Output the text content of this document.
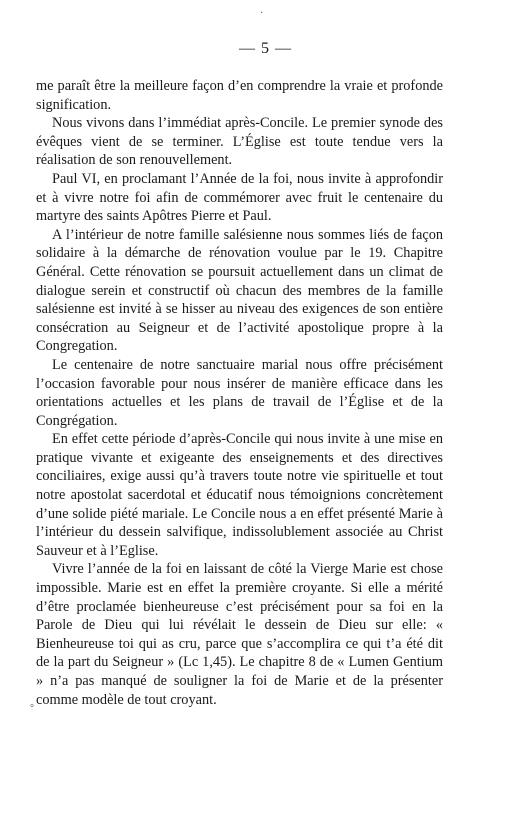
·
— 5 —

me paraît être la meilleure façon d’en comprendre la vraie et profonde signification.

Nous vivons dans l’immédiat après-Concile. Le premier synode des évêques vient de se terminer. L’Église est toute tendue vers la réalisation de son renouvellement.

Paul VI, en proclamant l’Année de la foi, nous invite à approfondir et à vivre notre foi afin de commémorer avec fruit le centenaire du martyre des saints Apôtres Pierre et Paul.

A l’intérieur de notre famille salésienne nous sommes liés de façon solidaire à la démarche de rénovation voulue par le 19. Chapitre Général. Cette rénovation se poursuit actuellement dans un climat de dialogue serein et constructif où chacun des membres de la famille salésienne est invité à se hisser au niveau des exigences de son entière consécration au Seigneur et de l’activité apostolique propre à la Congregation.

Le centenaire de notre sanctuaire marial nous offre précisément l’occasion favorable pour nous insérer de manière efficace dans les orientations actuelles et les plans de travail de l’Église et de la Congrégation.

En effet cette période d’après-Concile qui nous invite à une mise en pratique vivante et exigeante des enseignements et des directives conciliaires, exige aussi qu’à travers toute notre vie spirituelle et tout notre apostolat sacerdotal et éducatif nous témoignions concrètement d’une solide piété mariale. Le Concile nous a en effet présenté Marie à l’intérieur du dessein salvifique, indissolublement associée au Christ Sauveur et à l’Eglise.

Vivre l’année de la foi en laissant de côté la Vierge Marie est chose impossible. Marie est en effet la première croyante. Si elle a mérité d’être proclamée bienheureuse c’est précisément pour sa foi en la Parole de Dieu qui lui révélait le dessein de Dieu sur elle: « Bienheureuse toi qui as cru, parce que s’accomplira ce qui t’a été dit de la part du Seigneur » (Lc 1,45). Le chapitre 8 de « Lumen Gentium » n’a pas manqué de souligner la foi de Marie et de la présenter comme modèle de tout croyant.

°
